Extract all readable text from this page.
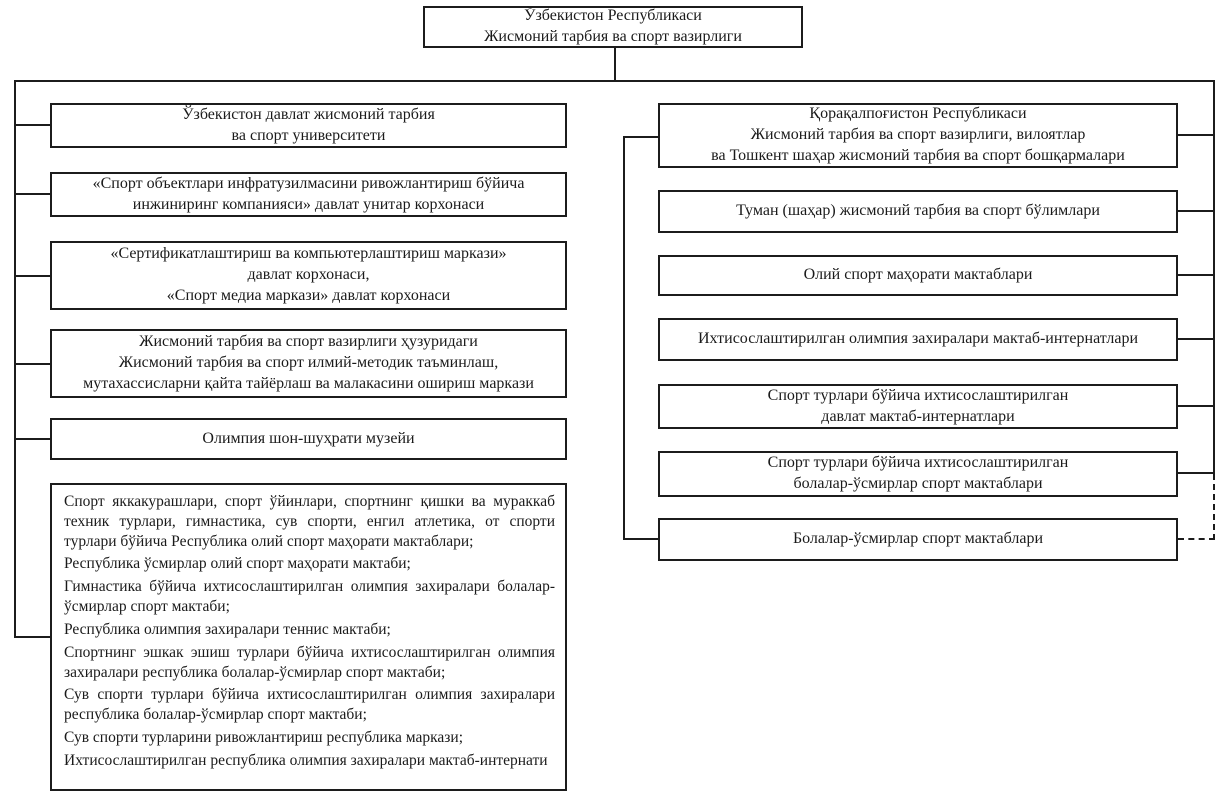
Ўзбекистон Республикаси
Жисмоний тарбия ва спорт вазирлиги
Ўзбекистон давлат жисмоний тарбия
ва спорт университети
«Спорт объектлари инфратузилмасини ривожлантириш бўйича
инжиниринг компанияси» давлат унитар корхонаси
«Сертификатлаштириш ва компьютерлаштириш маркази»
давлат корхонаси,
«Спорт медиа маркази» давлат корхонаси
Жисмоний тарбия ва спорт вазирлиги ҳузуридаги
Жисмоний тарбия ва спорт илмий-методик таъминлаш,
мутахассисларни қайта тайёрлаш ва малакасини ошириш маркази
Олимпия шон-шуҳрати музейи

Спорт яккакурашлари, спорт ўйинлари, спортнинг қишки ва мураккаб техник турлари, гимнастика, сув спорти, енгил атлетика, от спорти турлари бўйича Республика олий спорт маҳорати мактаблари;

Республика ўсмирлар олий спорт маҳорати мактаби;

Гимнастика бўйича ихтисослаштирилган олимпия захиралари болалар-ўсмирлар спорт мактаби;

Республика олимпия захиралари теннис мактаби;

Спортнинг эшкак эшиш турлари бўйича ихтисослаштирилган олимпия захиралари республика болалар-ўсмирлар спорт мактаби;

Сув спорти турлари бўйича ихтисослаштирилган олимпия захиралари республика болалар-ўсмирлар спорт мактаби;

Сув спорти турларини ривожлантириш республика маркази;

Ихтисослаштирилган республика олимпия захиралари мактаб-интернати

Қорақалпоғистон Республикаси
Жисмоний тарбия ва спорт вазирлиги, вилоятлар
ва Тошкент шаҳар жисмоний тарбия ва спорт бошқармалари
Туман (шаҳар) жисмоний тарбия ва спорт бўлимлари
Олий спорт маҳорати мактаблари
Ихтисослаштирилган олимпия захиралари мактаб-интернатлари
Спорт турлари бўйича ихтисослаштирилган
давлат мактаб-интернатлари
Спорт турлари бўйича ихтисослаштирилган
болалар-ўсмирлар спорт мактаблари
Болалар-ўсмирлар спорт мактаблари
